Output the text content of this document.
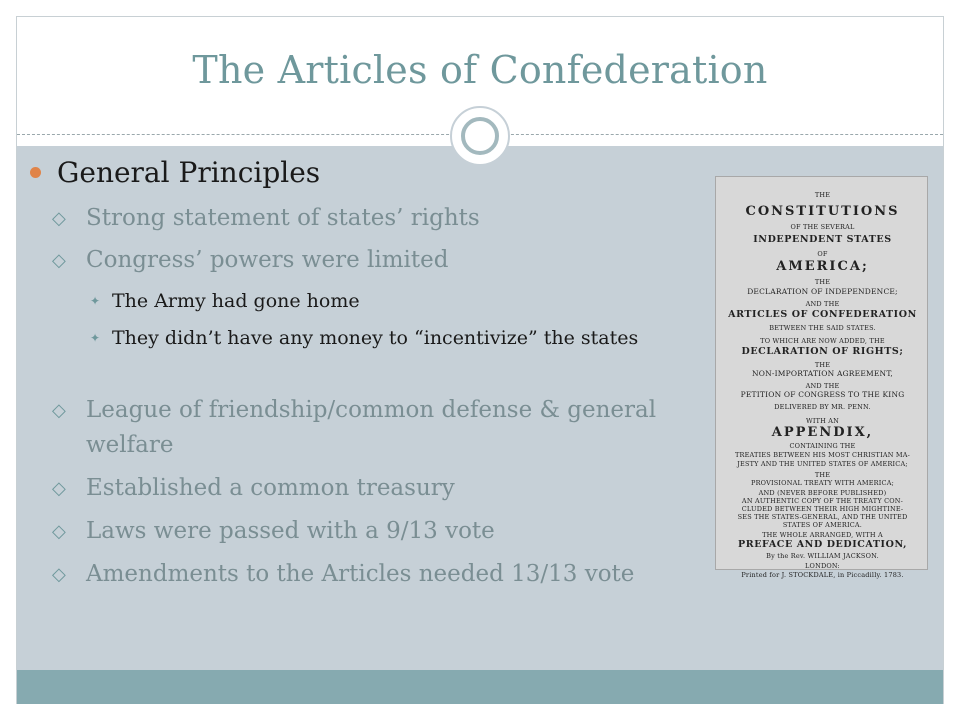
The Articles of Confederation
General Principles
◇ Strong statement of states’ rights
◇ Congress’ powers were limited
✦ The Army had gone home
✦ They didn’t have any money to “incentivize” the states
◇ League of friendship/common defense & general welfare
◇ Established a common treasury
◇ Laws were passed with a 9/13 vote
◇ Amendments to the Articles needed 13/13 vote
THE
CONSTITUTIONS
OF THE SEVERAL
INDEPENDENT STATES
OF
AMERICA;
THE
DECLARATION OF INDEPENDENCE;
AND THE
ARTICLES OF CONFEDERATION
BETWEEN THE SAID STATES.
TO WHICH ARE NOW ADDED, THE
DECLARATION OF RIGHTS;
THE
NON-IMPORTATION AGREEMENT,
AND THE
PETITION OF CONGRESS TO THE KING
DELIVERED BY MR. PENN.
WITH AN
APPENDIX,
CONTAINING THE
TREATIES BETWEEN HIS MOST CHRISTIAN MA-
JESTY AND THE UNITED STATES OF AMERICA;
THE
PROVISIONAL TREATY WITH AMERICA;
AND (NEVER BEFORE PUBLISHED)
AN AUTHENTIC COPY OF THE TREATY CON-
CLUDED BETWEEN THEIR HIGH MIGHTINE-
SES THE STATES-GENERAL, AND THE UNITED
STATES OF AMERICA.
THE WHOLE ARRANGED, WITH A
PREFACE AND DEDICATION,
By the Rev. WILLIAM JACKSON.
LONDON:
Printed for J. STOCKDALE, in Piccadilly. 1783.
